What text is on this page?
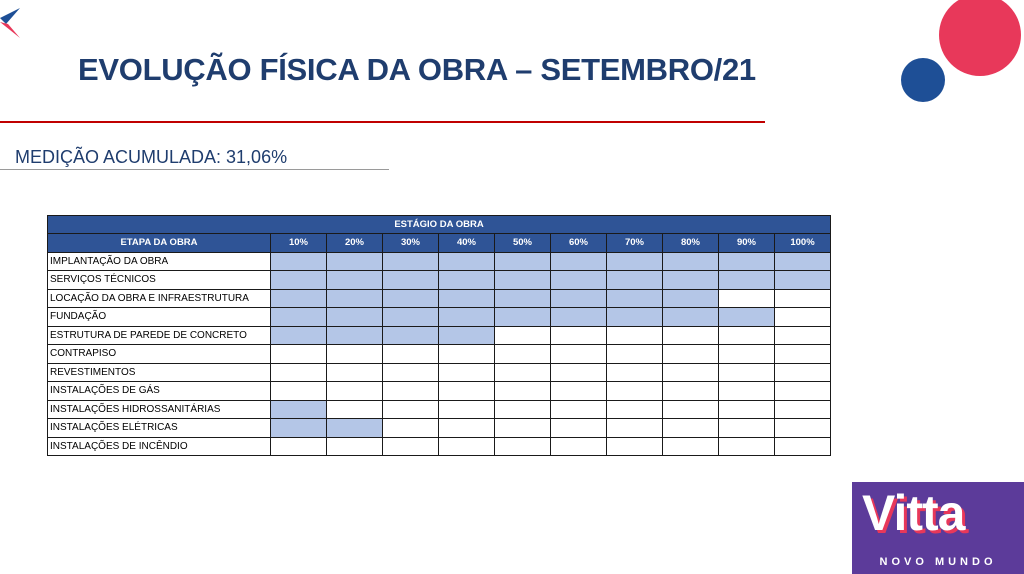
EVOLUÇÃO FÍSICA DA OBRA – SETEMBRO/21
MEDIÇÃO ACUMULADA: 31,06%
ESTÁGIO DA OBRA										
ETAPA DA OBRA	10%	20%	30%	40%	50%	60%	70%	80%	90%	100%
IMPLANTAÇÃO DA OBRA										
SERVIÇOS TÉCNICOS										
LOCAÇÃO DA OBRA E INFRAESTRUTURA										
FUNDAÇÃO										
ESTRUTURA DE PAREDE DE CONCRETO										
CONTRAPISO										
REVESTIMENTOS										
INSTALAÇÕES DE GÁS										
INSTALAÇÕES HIDROSSANITÁRIAS										
INSTALAÇÕES ELÉTRICAS										
INSTALAÇÕES DE INCÊNDIO										
Vitta
NOVO MUNDO
